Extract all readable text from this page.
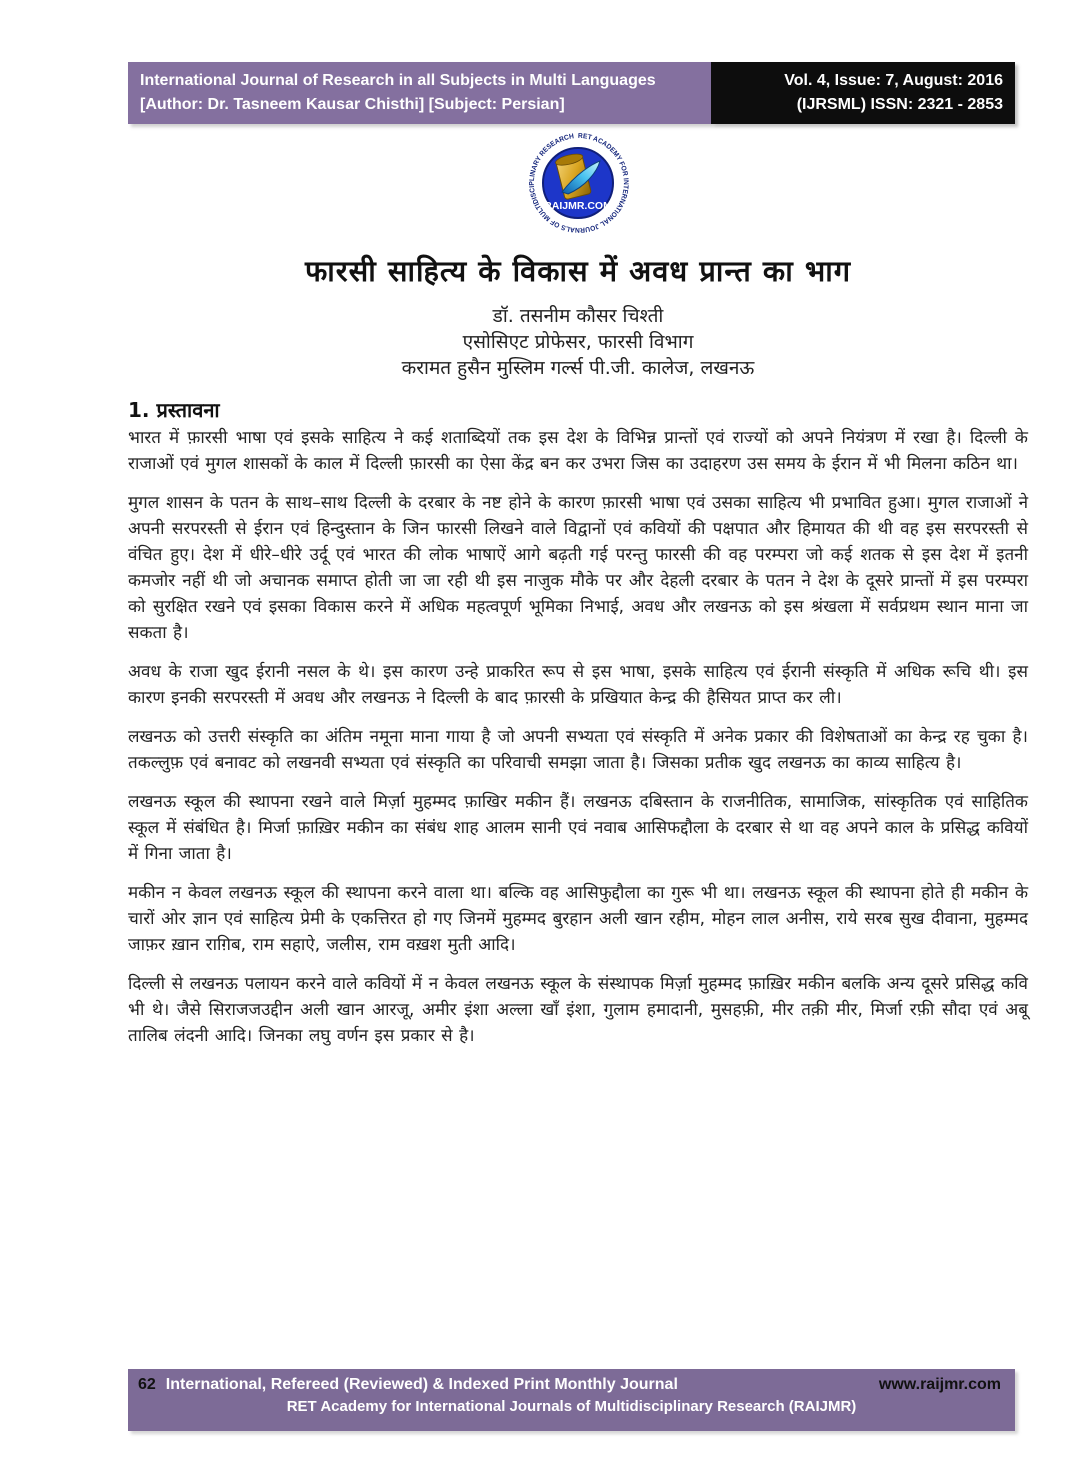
International Journal of Research in all Subjects in Multi Languages
[Author: Dr. Tasneem Kausar Chisthi] [Subject: Persian]
Vol. 4, Issue: 7, August: 2016
(IJRSML) ISSN: 2321 - 2853
RAIJMR.COM
RET ACADEMY FOR INTERNATIONAL JOURNALS OF MULTIDISCIPLINARY RESEARCH
फारसी साहित्य के विकास में अवध प्रान्त का भाग
डॉ. तसनीम कौसर चिश्ती
एसोसिएट प्रोफेसर, फारसी विभाग
करामत हुसैन मुस्लिम गर्ल्स पी.जी. कालेज, लखनऊ
1. प्रस्तावना

भारत में फ़ारसी भाषा एवं इसके साहित्य ने कई शताब्दियों तक इस देश के विभिन्न प्रान्तों एवं राज्यों को अपने नियंत्रण में रखा है। दिल्ली के राजाओं एवं मुगल शासकों के काल में दिल्ली फ़ारसी का ऐसा केंद्र बन कर उभरा जिस का उदाहरण उस समय के ईरान में भी मिलना कठिन था।

मुगल शासन के पतन के साथ–साथ दिल्ली के दरबार के नष्ट होने के कारण फ़ारसी भाषा एवं उसका साहित्य भी प्रभावित हुआ। मुगल राजाओं ने अपनी सरपरस्ती से ईरान एवं हिन्दुस्तान के जिन फारसी लिखने वाले विद्वानों एवं कवियों की पक्षपात और हिमायत की थी वह इस सरपरस्ती से वंचित हुए। देश में धीरे–धीरे उर्दू एवं भारत की लोक भाषाऐं आगे बढ़ती गई परन्तु फारसी की वह परम्परा जो कई शतक से इस देश में इतनी कमजोर नहीं थी जो अचानक समाप्त होती जा जा रही थी इस नाजुक मौके पर और देहली दरबार के पतन ने देश के दूसरे प्रान्तों में इस परम्परा को सुरक्षित रखने एवं इसका विकास करने में अधिक महत्वपूर्ण भूमिका निभाई, अवध और लखनऊ को इस श्रंखला में सर्वप्रथम स्थान माना जा सकता है।

अवध के राजा खुद ईरानी नसल के थे। इस कारण उन्हे प्राकरित रूप से इस भाषा, इसके साहित्य एवं ईरानी संस्कृति में अधिक रूचि थी। इस कारण इनकी सरपरस्ती में अवध और लखनऊ ने दिल्ली के बाद फ़ारसी के प्रखियात केन्द्र की हैसियत प्राप्त कर ली।

लखनऊ को उत्तरी संस्कृति का अंतिम नमूना माना गाया है जो अपनी सभ्यता एवं संस्कृति में अनेक प्रकार की विशेषताओं का केन्द्र रह चुका है। तकल्लुफ़ एवं बनावट को लखनवी सभ्यता एवं संस्कृति का परिवाची समझा जाता है। जिसका प्रतीक खुद लखनऊ का काव्य साहित्य है।

लखनऊ स्कूल की स्थापना रखने वाले मिर्ज़ा मुहम्मद फ़ाखिर मकीन हैं। लखनऊ दबिस्तान के राजनीतिक, सामाजिक, सांस्कृतिक एवं साहितिक स्कूल में संबंधित है। मिर्जा फ़ाख़िर मकीन का संबंध शाह आलम सानी एवं नवाब आसिफद्दौला के दरबार से था वह अपने काल के प्रसिद्ध कवियों में गिना जाता है।

मकीन न केवल लखनऊ स्कूल की स्थापना करने वाला था। बल्कि वह आसिफुद्दौला का गुरू भी था। लखनऊ स्कूल की स्थापना होते ही मकीन के चारों ओर ज्ञान एवं साहित्य प्रेमी के एकत्तिरत हो गए जिनमें मुहम्मद बुरहान अली खान रहीम, मोहन लाल अनीस, राये सरब सुख दीवाना, मुहम्मद जाफ़र ख़ान राग़िब, राम सहाऐ, जलीस, राम वख़श मुती आदि।

दिल्ली से लखनऊ पलायन करने वाले कवियों में न केवल लखनऊ स्कूल के संस्थापक मिर्ज़ा मुहम्मद फ़ाख़िर मकीन बलकि अन्य दूसरे प्रसिद्ध कवि भी थे। जैसे सिराजजउद्दीन अली खान आरजू, अमीर इंशा अल्ला खाँ इंशा, गुलाम हमादानी, मुसहफ़ी, मीर तक़ी मीर, मिर्जा रफ़ी सौदा एवं अबू तालिब लंदनी आदि। जिनका लघु वर्णन इस प्रकार से है।

62 International, Refereed (Reviewed) & Indexed Print Monthly Journal	www.raijmr.com
RET Academy for International Journals of Multidisciplinary Research (RAIJMR)
